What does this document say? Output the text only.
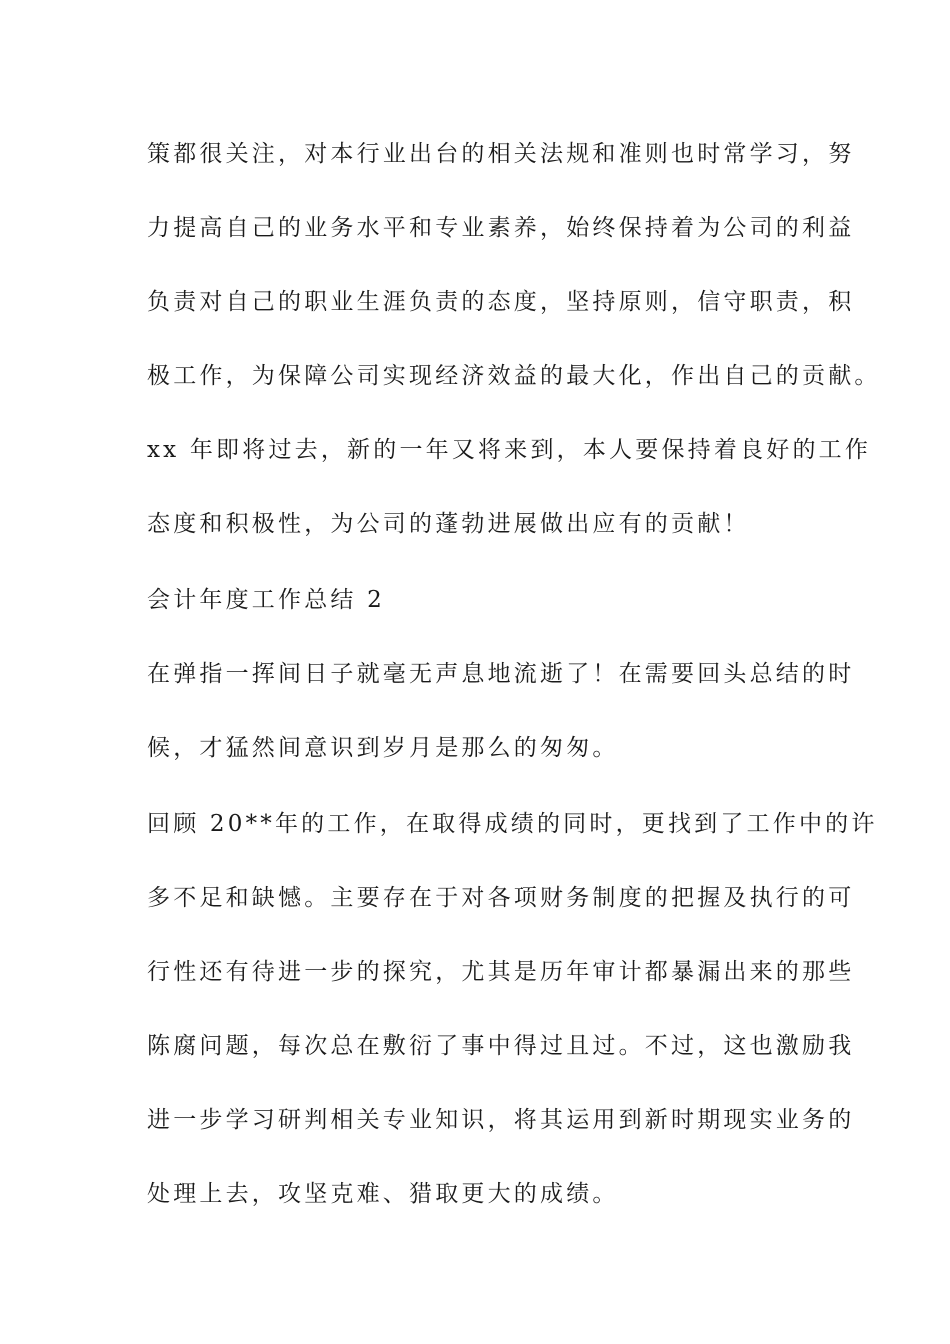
策都很关注，对本行业出台的相关法规和准则也时常学习，努
力提高自己的业务水平和专业素养，始终保持着为公司的利益
负责对自己的职业生涯负责的态度，坚持原则，信守职责，积
极工作，为保障公司实现经济效益的最大化，作出自己的贡献。
xx 年即将过去，新的一年又将来到，本人要保持着良好的工作
态度和积极性，为公司的蓬勃进展做出应有的贡献！
会计年度工作总结 2
在弹指一挥间日子就毫无声息地流逝了！在需要回头总结的时
候，才猛然间意识到岁月是那么的匆匆。
回顾 20**年的工作，在取得成绩的同时，更找到了工作中的许
多不足和缺憾。主要存在于对各项财务制度的把握及执行的可
行性还有待进一步的探究，尤其是历年审计都暴漏出来的那些
陈腐问题，每次总在敷衍了事中得过且过。不过，这也激励我
进一步学习研判相关专业知识，将其运用到新时期现实业务的
处理上去，攻坚克难、猎取更大的成绩。
